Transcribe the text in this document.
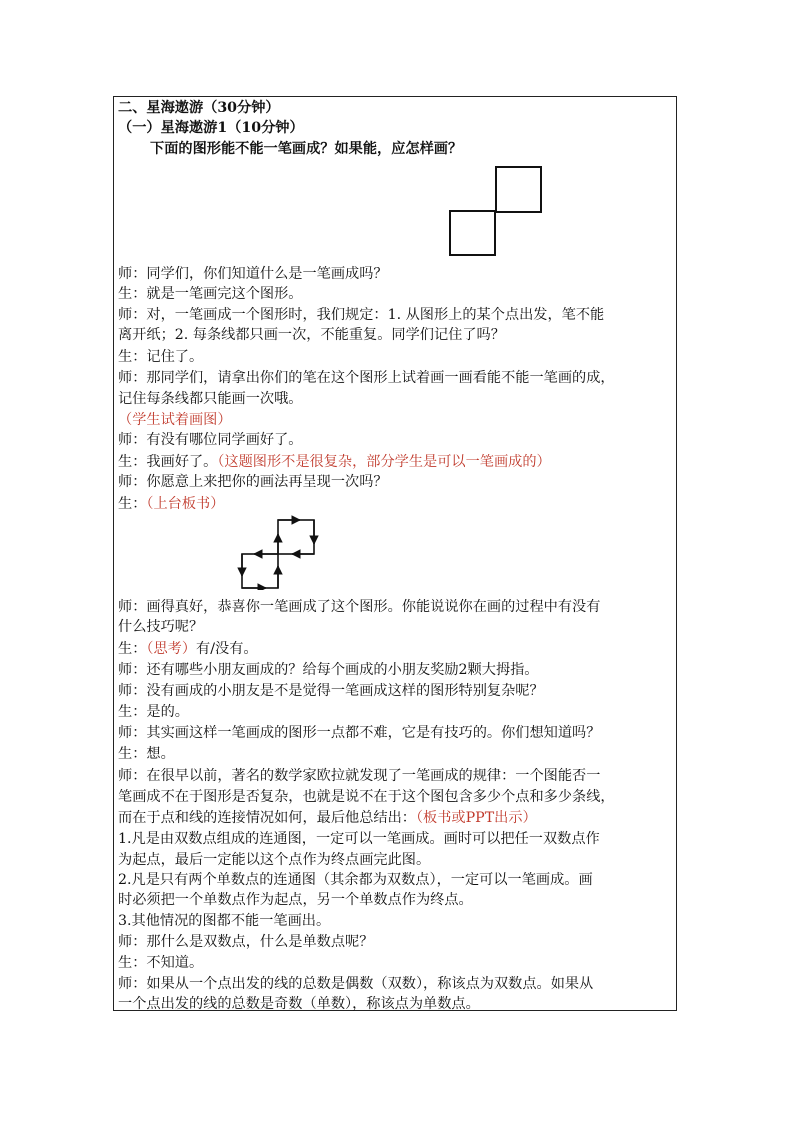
二、星海遨游（30分钟）
（一）星海遨游1（10分钟）
下面的图形能不能一笔画成？如果能，应怎样画？
师：同学们，你们知道什么是一笔画成吗？
生：就是一笔画完这个图形。
师：对，一笔画成一个图形时，我们规定：1. 从图形上的某个点出发，笔不能
离开纸；2. 每条线都只画一次，不能重复。同学们记住了吗？
生：记住了。
师：那同学们，请拿出你们的笔在这个图形上试着画一画看能不能一笔画的成，
记住每条线都只能画一次哦。
（学生试着画图）
师：有没有哪位同学画好了。
生：我画好了。（这题图形不是很复杂，部分学生是可以一笔画成的）
师：你愿意上来把你的画法再呈现一次吗？
生：（上台板书）
师：画得真好，恭喜你一笔画成了这个图形。你能说说你在画的过程中有没有
什么技巧呢？
生：（思考）有/没有。
师：还有哪些小朋友画成的？给每个画成的小朋友奖励2颗大拇指。
师：没有画成的小朋友是不是觉得一笔画成这样的图形特别复杂呢？
生：是的。
师：其实画这样一笔画成的图形一点都不难，它是有技巧的。你们想知道吗？
生：想。
师：在很早以前，著名的数学家欧拉就发现了一笔画成的规律：一个图能否一
笔画成不在于图形是否复杂，也就是说不在于这个图包含多少个点和多少条线，
而在于点和线的连接情况如何，最后他总结出：（板书或PPT出示）
1.凡是由双数点组成的连通图，一定可以一笔画成。画时可以把任一双数点作
为起点，最后一定能以这个点作为终点画完此图。
2.凡是只有两个单数点的连通图（其余都为双数点），一定可以一笔画成。画
时必须把一个单数点作为起点，另一个单数点作为终点。
3.其他情况的图都不能一笔画出。
师：那什么是双数点，什么是单数点呢？
生：不知道。
师：如果从一个点出发的线的总数是偶数（双数），称该点为双数点。如果从
一个点出发的线的总数是奇数（单数），称该点为单数点。
